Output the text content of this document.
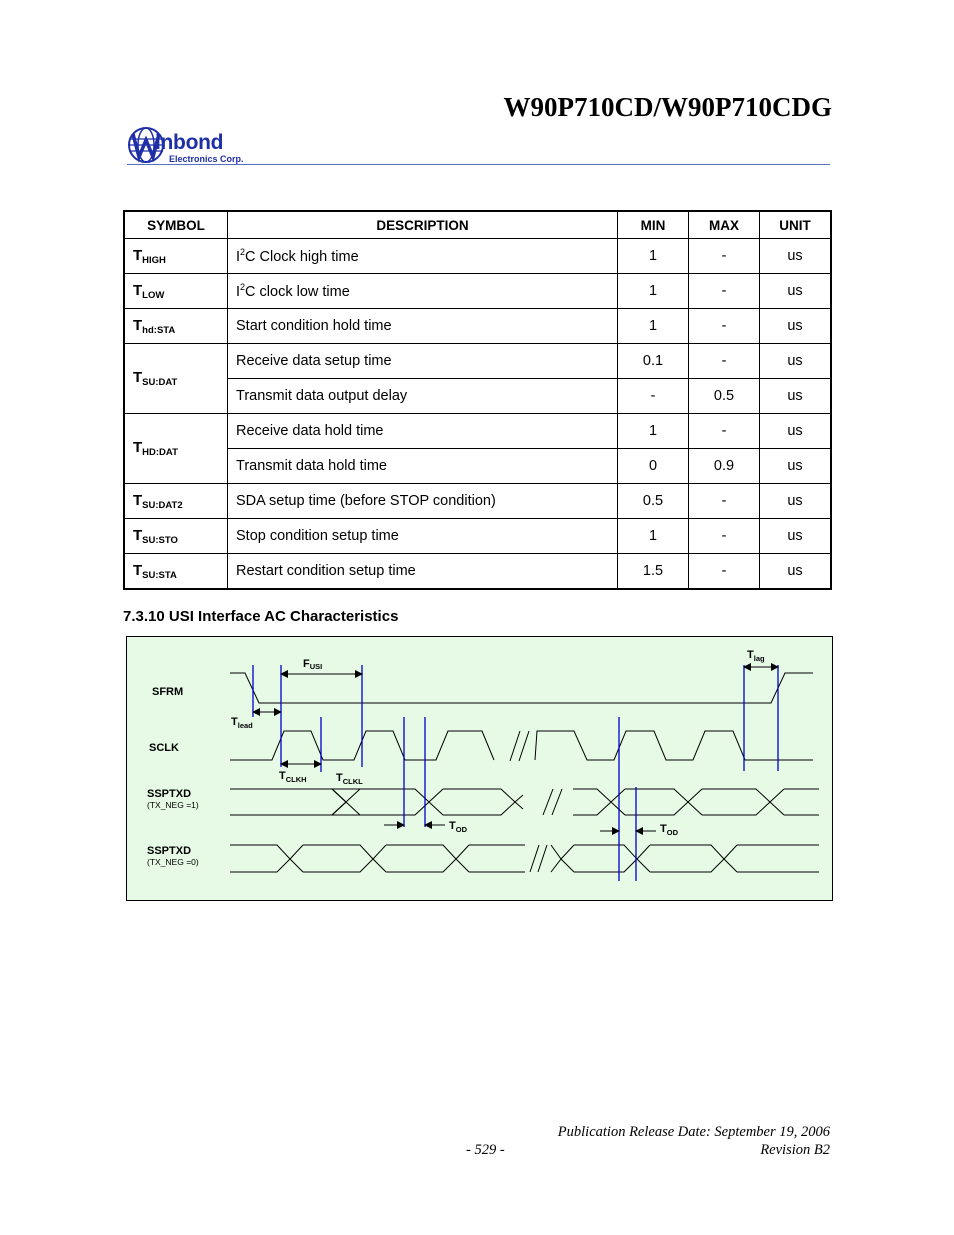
W90P710CD/W90P710CDG
inbond
Electronics Corp.
SYMBOL	DESCRIPTION	MIN	MAX	UNIT
$T_{HIGH}$	$I^2C$ Clock high time	1	-	us
$T_{LOW}$	$I^2C$ clock low time	1	-	us
$T_{hd:STA}$	Start condition hold time	1	-	us
$T_{SU:DAT}$	Receive data setup time	0.1	-	us
	Transmit data output delay	-	0.5	us
$T_{HD:DAT}$	Receive data hold time	1	-	us
	Transmit data hold time	0	0.9	us
$T_{SU:DAT2}$	SDA setup time (before STOP condition)	0.5	-	us
$T_{SU:STO}$	Stop condition setup time	1	-	us
$T_{SU:STA}$	Restart condition setup time	1.5	-	us
7.3.10 USI Interface AC Characteristics
SFRM
SCLK
SSPTXD
(TX_NEG =1)
SSPTXD
(TX_NEG =0)
FUSI
$T_{lag}$
$T_{lead}$
$T_{CLKH}$	$T_{CLKL}$
$T_{OD}$	$T_{OD}$
Publication Release Date: September 19, 2006
- 529 -	Revision B2
